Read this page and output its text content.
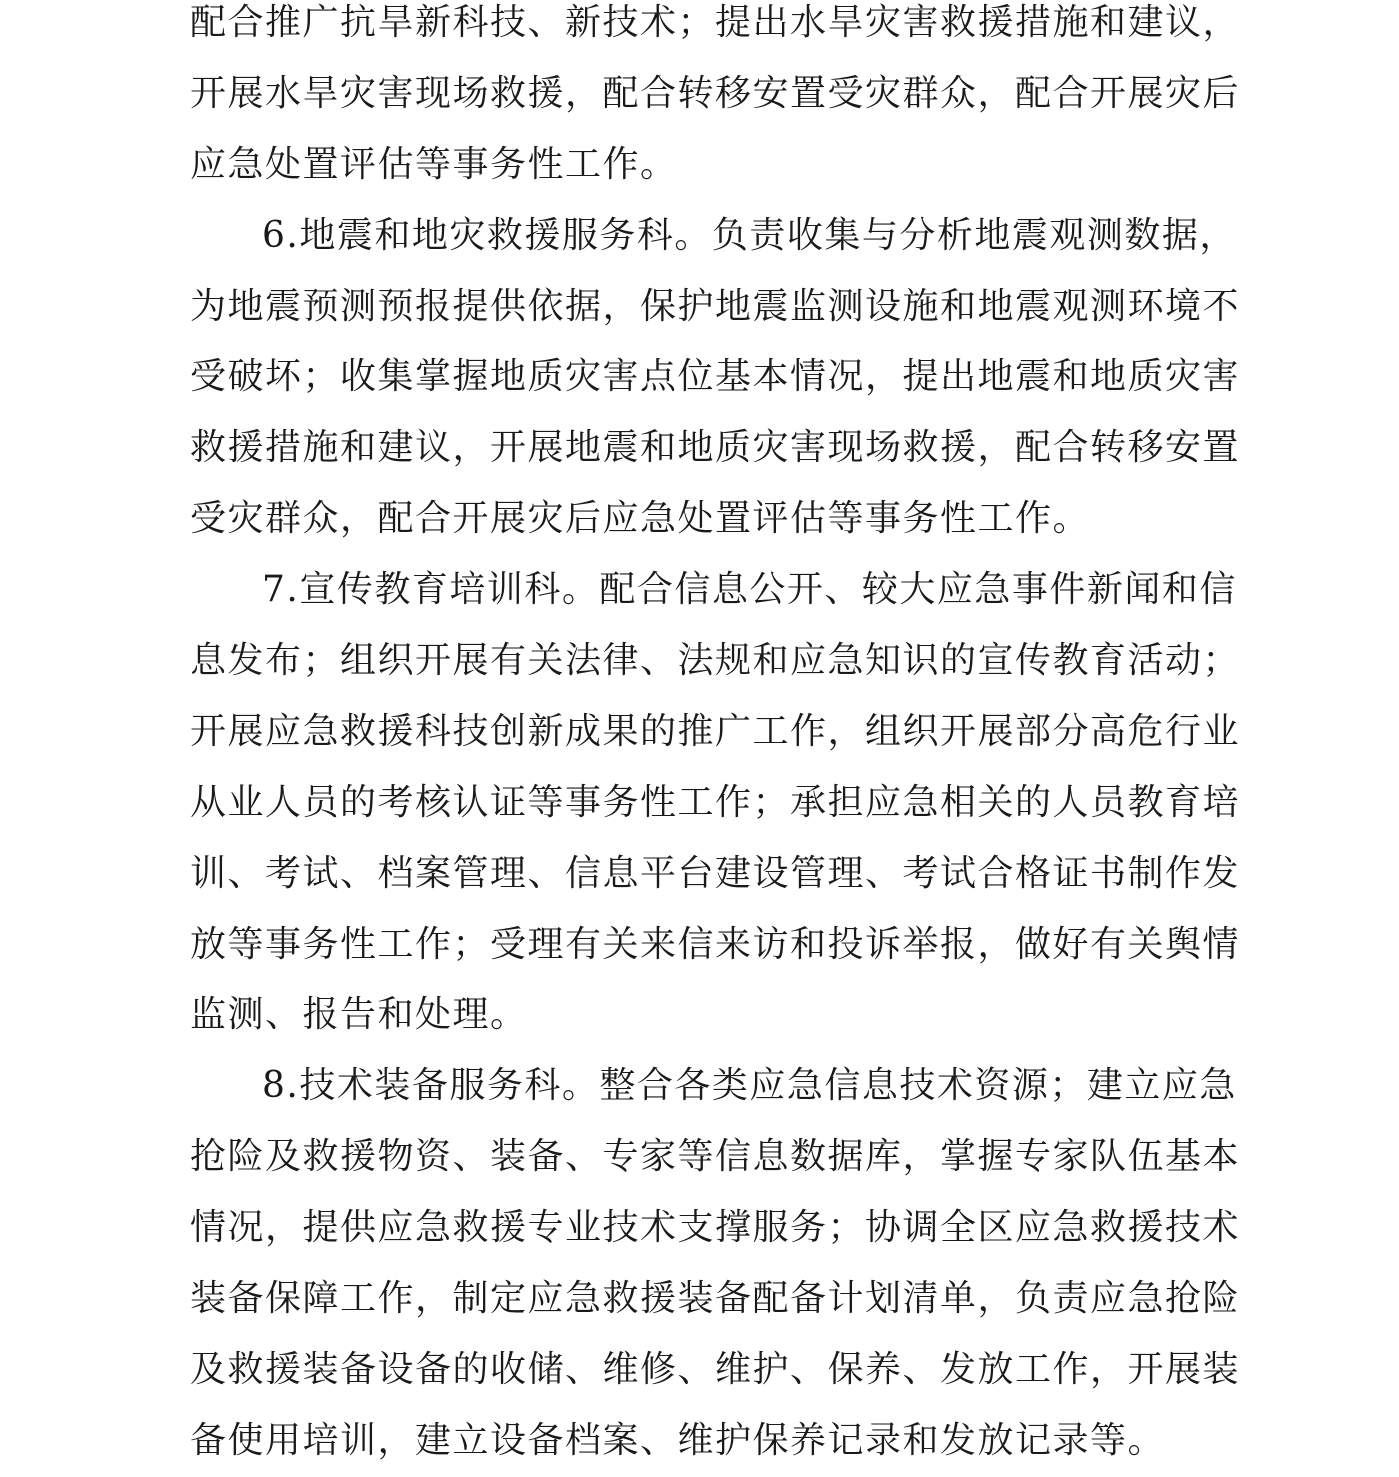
配合推广抗旱新科技、新技术；提出水旱灾害救援措施和建议，
开展水旱灾害现场救援，配合转移安置受灾群众，配合开展灾后
应急处置评估等事务性工作。
6.地震和地灾救援服务科。负责收集与分析地震观测数据，
为地震预测预报提供依据，保护地震监测设施和地震观测环境不
受破坏；收集掌握地质灾害点位基本情况，提出地震和地质灾害
救援措施和建议，开展地震和地质灾害现场救援，配合转移安置
受灾群众，配合开展灾后应急处置评估等事务性工作。
7.宣传教育培训科。配合信息公开、较大应急事件新闻和信
息发布；组织开展有关法律、法规和应急知识的宣传教育活动；
开展应急救援科技创新成果的推广工作，组织开展部分高危行业
从业人员的考核认证等事务性工作；承担应急相关的人员教育培
训、考试、档案管理、信息平台建设管理、考试合格证书制作发
放等事务性工作；受理有关来信来访和投诉举报，做好有关舆情
监测、报告和处理。
8.技术装备服务科。整合各类应急信息技术资源；建立应急
抢险及救援物资、装备、专家等信息数据库，掌握专家队伍基本
情况，提供应急救援专业技术支撑服务；协调全区应急救援技术
装备保障工作，制定应急救援装备配备计划清单，负责应急抢险
及救援装备设备的收储、维修、维护、保养、发放工作，开展装
备使用培训，建立设备档案、维护保养记录和发放记录等。
